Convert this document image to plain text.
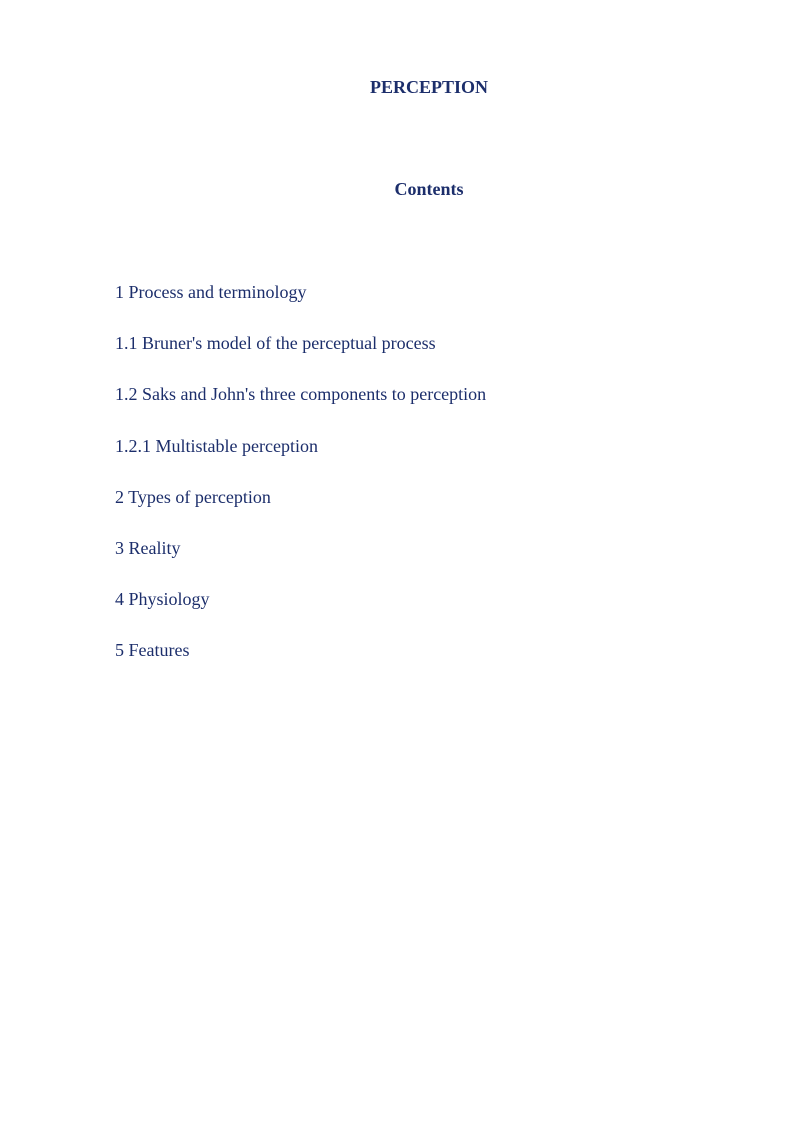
PERCEPTION
Contents
1 Process and terminology
1.1 Bruner's model of the perceptual process
1.2 Saks and John's three components to perception
1.2.1 Multistable perception
2 Types of perception
3 Reality
4 Physiology
5 Features
